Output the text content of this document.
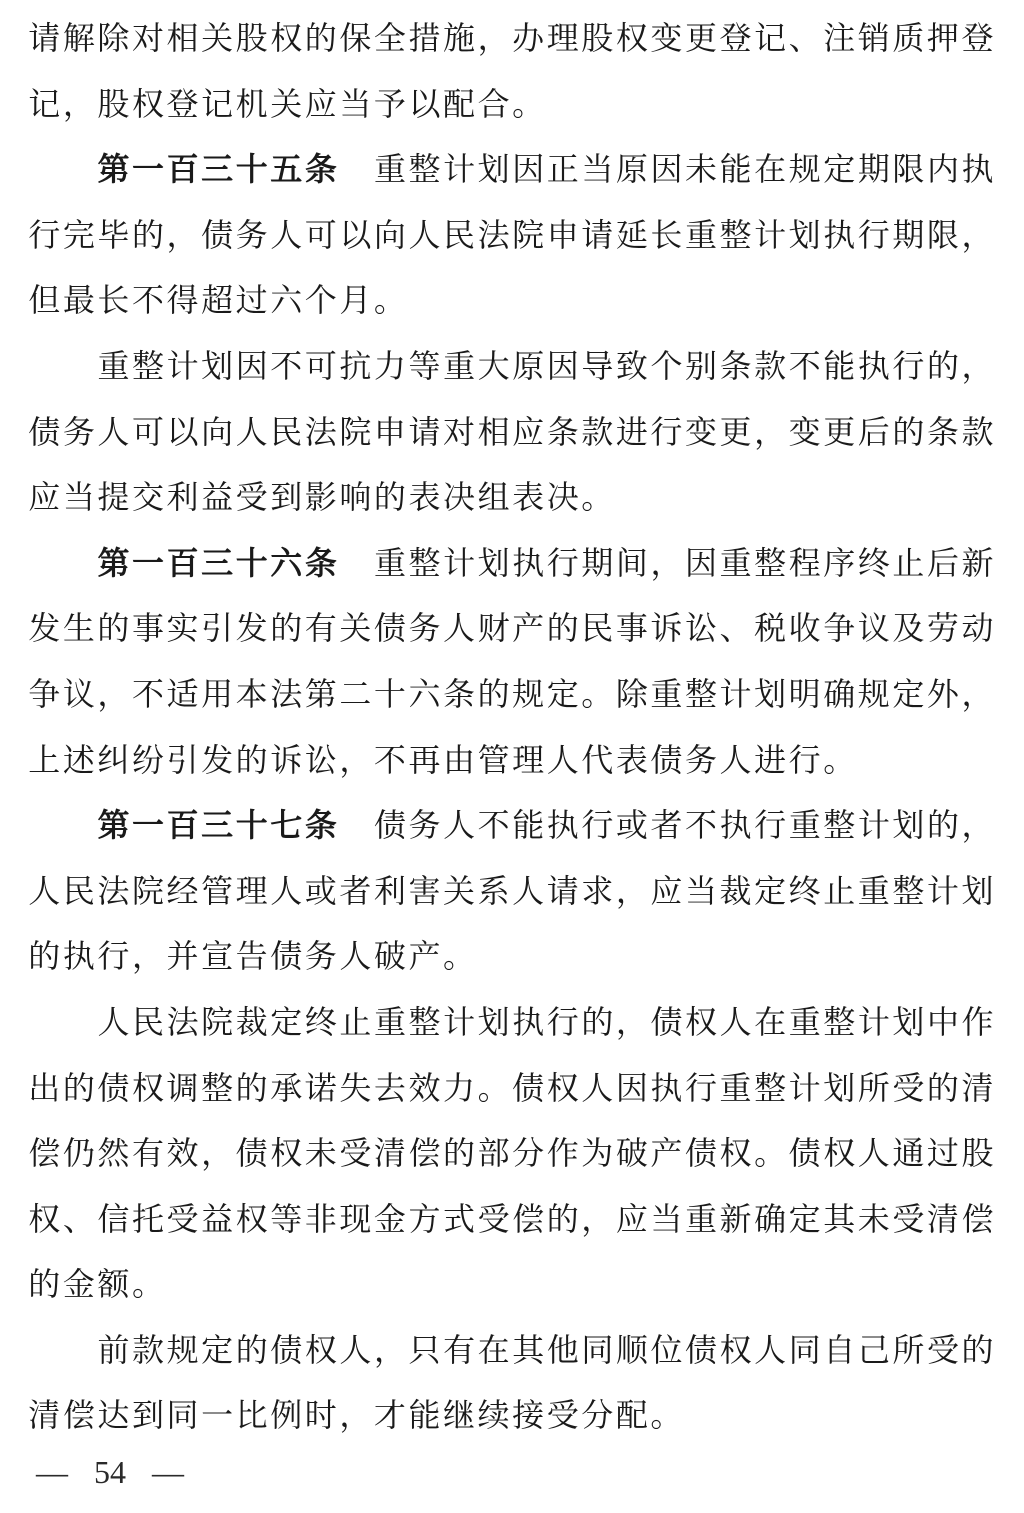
请解除对相关股权的保全措施，办理股权变更登记、注销质押登
记，股权登记机关应当予以配合。
第一百三十五条　 重整计划因正当原因未能在规定期限内执
行完毕的，债务人可以向人民法院申请延长重整计划执行期限，
但最长不得超过六个月。
重整计划因不可抗力等重大原因导致个别条款不能执行的，
债务人可以向人民法院申请对相应条款进行变更，变更后的条款
应当提交利益受到影响的表决组表决。
第一百三十六条　 重整计划执行期间，因重整程序终止后新
发生的事实引发的有关债务人财产的民事诉讼、税收争议及劳动
争议，不适用本法第二十六条的规定。除重整计划明确规定外，
上述纠纷引发的诉讼，不再由管理人代表债务人进行。
第一百三十七条　 债务人不能执行或者不执行重整计划的，
人民法院经管理人或者利害关系人请求，应当裁定终止重整计划
的执行，并宣告债务人破产。
人民法院裁定终止重整计划执行的，债权人在重整计划中作
出的债权调整的承诺失去效力。债权人因执行重整计划所受的清
偿仍然有效，债权未受清偿的部分作为破产债权。债权人通过股
权、信托受益权等非现金方式受偿的，应当重新确定其未受清偿
的金额。
前款规定的债权人，只有在其他同顺位债权人同自己所受的
清偿达到同一比例时，才能继续接受分配。
— 54 —
